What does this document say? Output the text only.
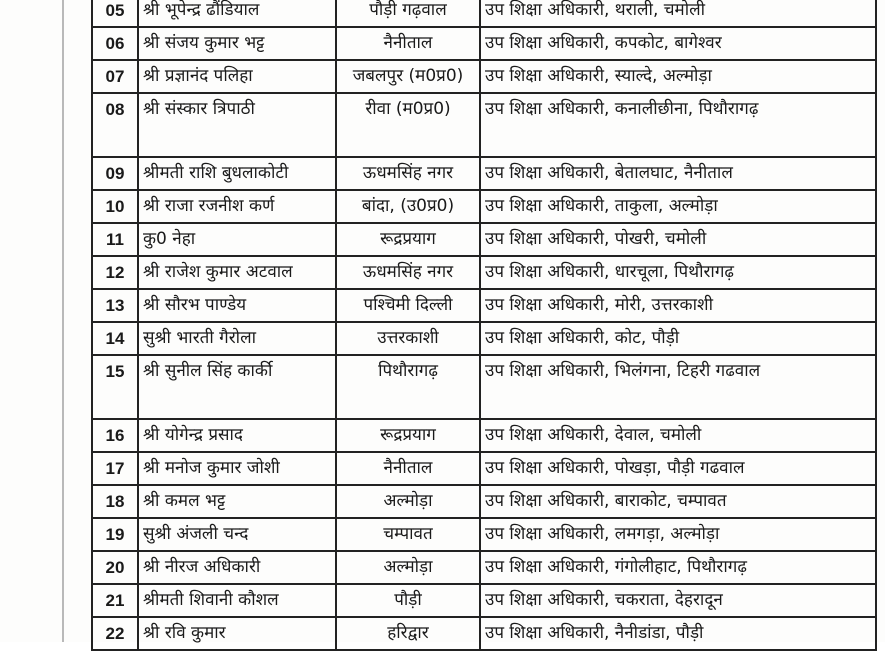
05	श्री भूपेन्द्र ढौंडियाल	पौड़ी गढ़वाल	उप शिक्षा अधिकारी, थराली, चमोली
06	श्री संजय कुमार भट्ट	नैनीताल	उप शिक्षा अधिकारी, कपकोट, बागेश्वर
07	श्री प्रज्ञानंद पलिहा	जबलपुर (म0प्र0)	उप शिक्षा अधिकारी, स्याल्दे, अल्मोड़ा
08	श्री संस्कार त्रिपाठी	रीवा (म0प्र0)	उप शिक्षा अधिकारी, कनालीछीना, पिथौरागढ़
09	श्रीमती राशि बुधलाकोटी	ऊधमसिंह नगर	उप शिक्षा अधिकारी, बेतालघाट, नैनीताल
10	श्री राजा रजनीश कर्ण	बांदा, (उ0प्र0)	उप शिक्षा अधिकारी, ताकुला, अल्मोड़ा
11	कु0 नेहा	रूद्रप्रयाग	उप शिक्षा अधिकारी, पोखरी, चमोली
12	श्री राजेश कुमार अटवाल	ऊधमसिंह नगर	उप शिक्षा अधिकारी, धारचूला, पिथौरागढ़
13	श्री सौरभ पाण्डेय	पश्चिमी दिल्ली	उप शिक्षा अधिकारी, मोरी, उत्तरकाशी
14	सुश्री भारती गैरोला	उत्तरकाशी	उप शिक्षा अधिकारी, कोट, पौड़ी
15	श्री सुनील सिंह कार्की	पिथौरागढ़	उप शिक्षा अधिकारी, भिलंगना, टिहरी गढवाल
16	श्री योगेन्द्र प्रसाद	रूद्रप्रयाग	उप शिक्षा अधिकारी, देवाल, चमोली
17	श्री मनोज कुमार जोशी	नैनीताल	उप शिक्षा अधिकारी, पोखड़ा, पौड़ी गढवाल
18	श्री कमल भट्ट	अल्मोड़ा	उप शिक्षा अधिकारी, बाराकोट, चम्पावत
19	सुश्री अंजली चन्द	चम्पावत	उप शिक्षा अधिकारी, लमगड़ा, अल्मोड़ा
20	श्री नीरज अधिकारी	अल्मोड़ा	उप शिक्षा अधिकारी, गंगोलीहाट, पिथौरागढ़
21	श्रीमती शिवानी कौशल	पौड़ी	उप शिक्षा अधिकारी, चकराता, देहरादून
22	श्री रवि कुमार	हरिद्वार	उप शिक्षा अधिकारी, नैनीडांडा, पौड़ी
